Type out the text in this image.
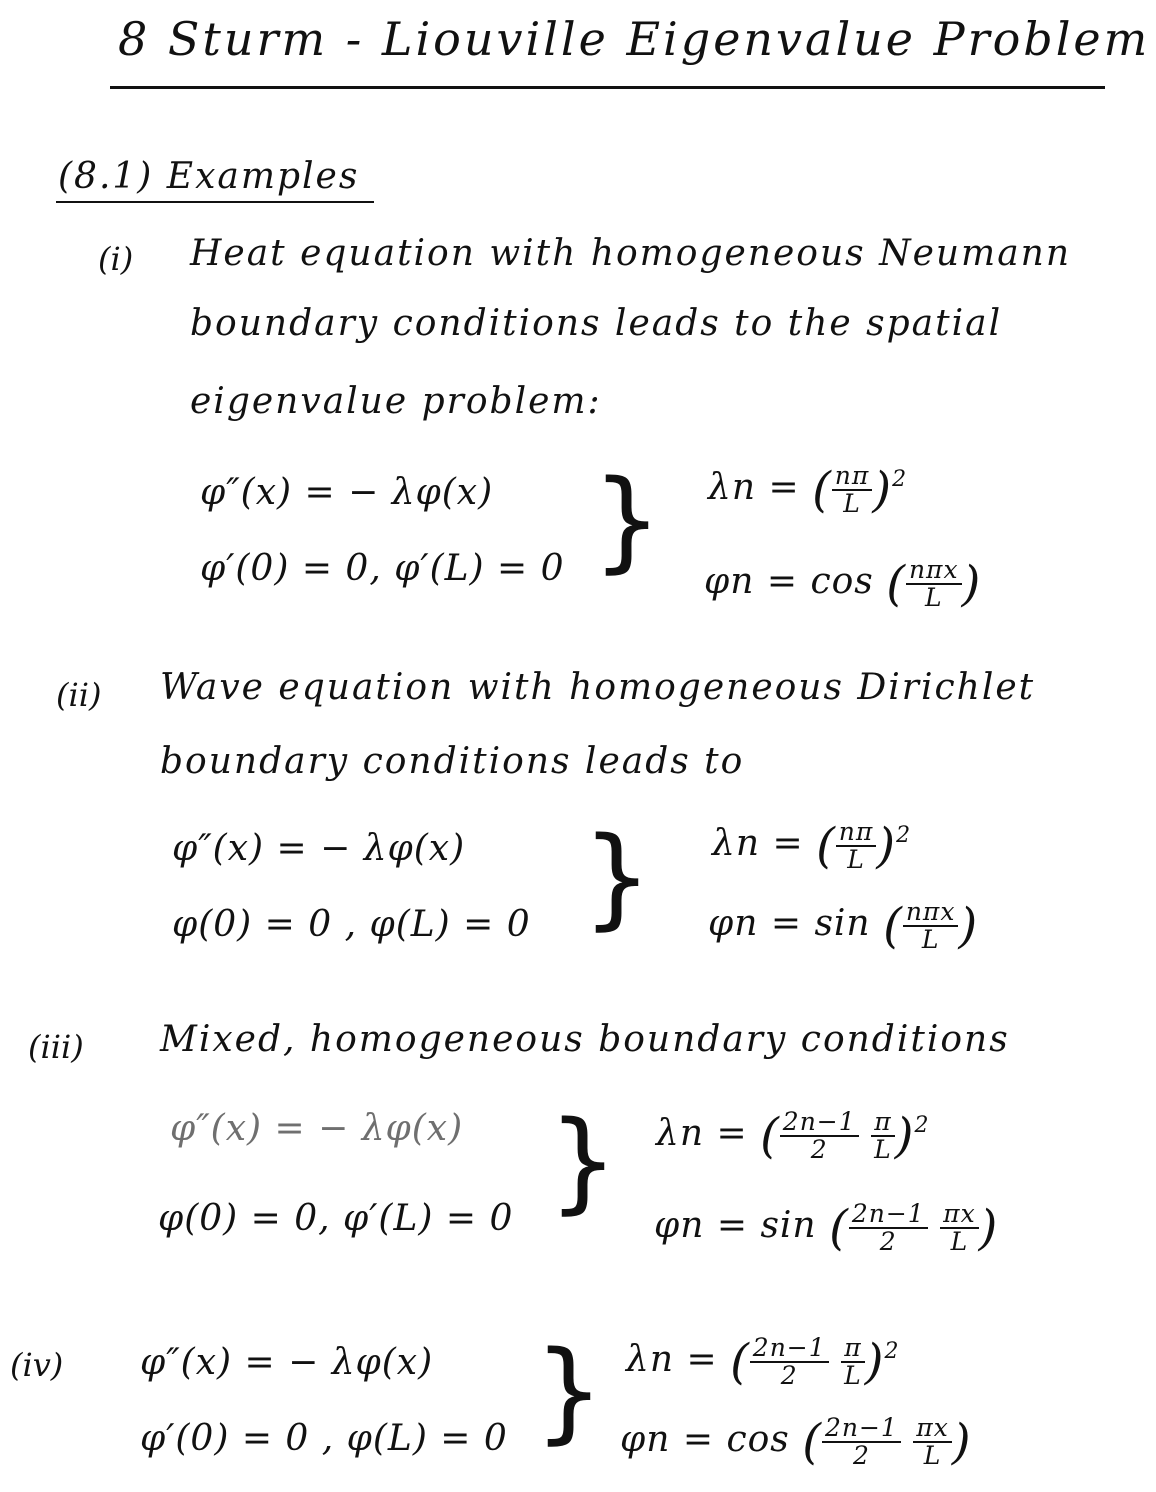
8 Sturm - Liouville Eigenvalue Problem
(8.1) Examples
(i) Heat equation with homogeneous Neumann
boundary conditions leads to the spatial
eigenvalue problem:
φ″(x) = − λφ(x)
φ′(0) = 0, φ′(L) = 0 } λn = ( $\frac{n\pi}{L} )^2$
φn = cos ( $\frac{\text{nπx}}{L}$ )
(ii) Wave equation with homogeneous Dirichlet
boundary conditions leads to
φ″(x) = − λφ(x)
φ(0) = 0 , φ(L) = 0 } λn = ( $\frac{n\pi}{L} )^2$
φn = sin ( $\frac{\text{nπx}}{L}$ )
(iii) Mixed, homogeneous boundary conditions
φ″(x) = − λφ(x)
φ(0) = 0, φ′(L) = 0 } λn = ( $\frac{2n-1}{2}$
$\frac{\pi}{L} )^2$
φn = sin ( $\frac{2n-1}{2}$
$\frac{\pi x}{L}$ )
(iv) φ″(x) = − λφ(x)
φ′(0) = 0 , φ(L) = 0 } λn = ( $\frac{2n-1}{2}$
$\frac{\pi}{L} )^2$
φn = cos ( $\frac{2n-1}{2}$
$\frac{\pi x}{L}$ )
